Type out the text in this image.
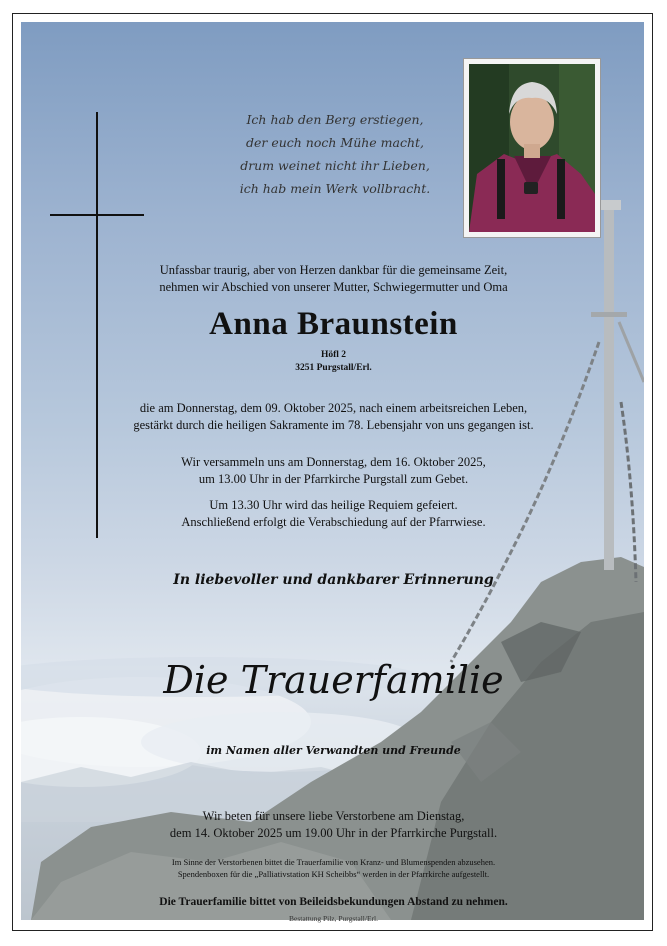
Ich hab den Berg erstiegen,
der euch noch Mühe macht,
drum weinet nicht ihr Lieben,
ich hab mein Werk vollbracht.
Unfassbar traurig, aber von Herzen dankbar für die gemeinsame Zeit,
nehmen wir Abschied von unserer Mutter, Schwiegermutter und Oma
Anna Braunstein
Höfl 2
3251 Purgstall/Erl.
die am Donnerstag, dem 09. Oktober 2025, nach einem arbeitsreichen Leben,
gestärkt durch die heiligen Sakramente im 78. Lebensjahr von uns gegangen ist.
Wir versammeln uns am Donnerstag, dem 16. Oktober 2025,
um 13.00 Uhr in der Pfarrkirche Purgstall zum Gebet.
Um 13.30 Uhr wird das heilige Requiem gefeiert.
Anschließend erfolgt die Verabschiedung auf der Pfarrwiese.
In liebevoller und dankbarer Erinnerung
Die Trauerfamilie
im Namen aller Verwandten und Freunde
Wir beten für unsere liebe Verstorbene am Dienstag,
dem 14. Oktober 2025 um 19.00 Uhr in der Pfarrkirche Purgstall.
Im Sinne der Verstorbenen bittet die Trauerfamilie von Kranz- und Blumenspenden abzusehen.
Spendenboxen für die „Palliativstation KH Scheibbs“ werden in der Pfarrkirche aufgestellt.
Die Trauerfamilie bittet von Beileidsbekundungen Abstand zu nehmen.
Bestattung Pilz, Purgstall/Erl.
